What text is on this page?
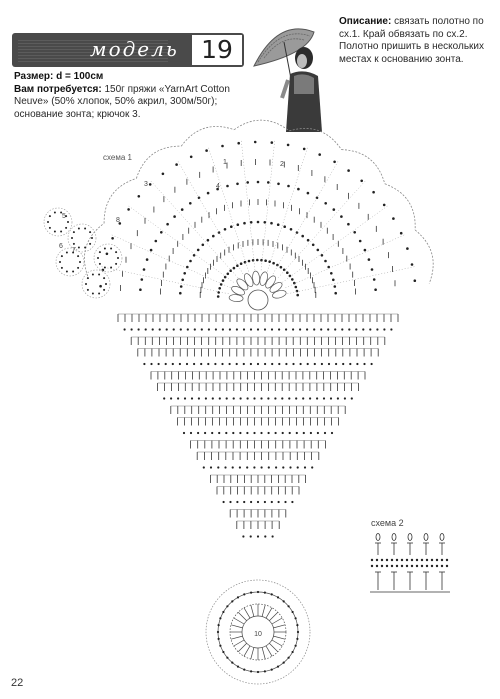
модель 19
Описание: связать полотно по сх.1. Край обвязать по сх.2. Полотно пришить в нескольких местах к основанию зонта.
Размер: d = 100см
Вам потребуется: 150г пряжи «YarnArt Cotton Neuve» (50% хлопок, 50% акрил, 300м/50г); основание зонта; крючок 3.
схема 1
схема 2
1	2
3	4
5
6
7
8
10
22
